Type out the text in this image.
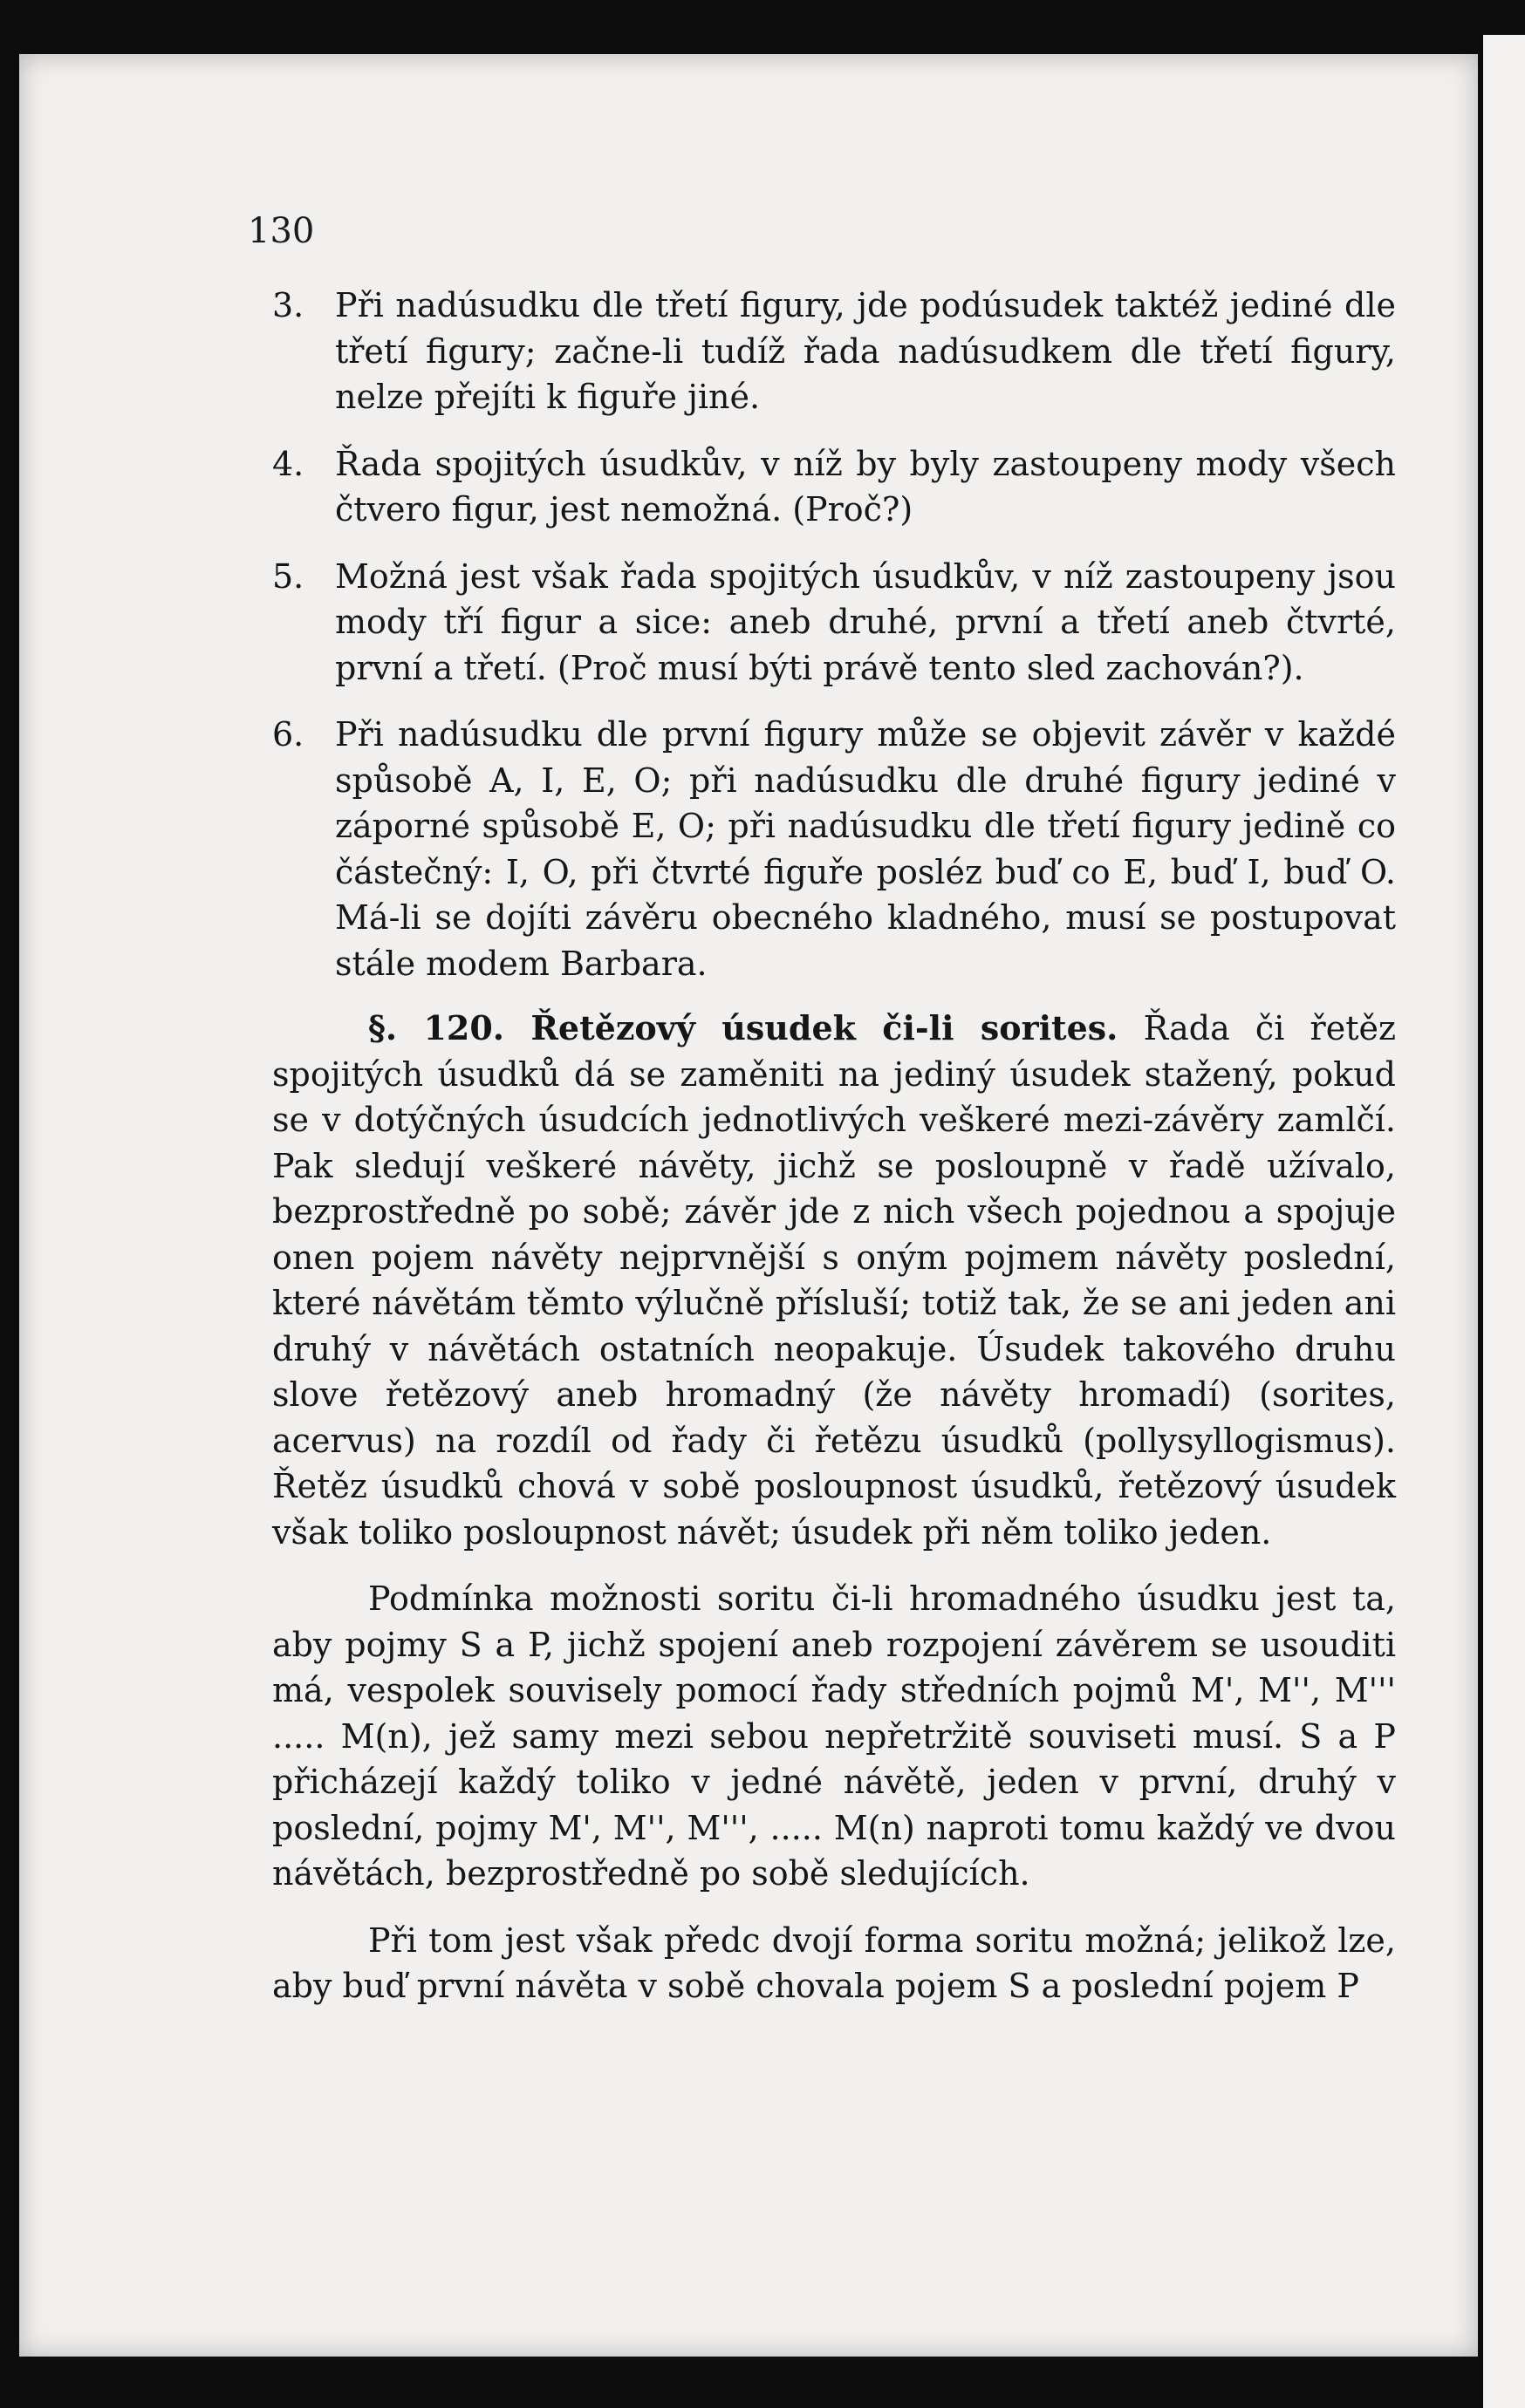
130

3. Při nadúsudku dle třetí figury, jde podúsudek taktéž jediné dle třetí figury; začne-li tudíž řada nadúsudkem dle třetí figury, nelze přejíti k figuře jiné.

4. Řada spojitých úsudkův, v níž by byly zastoupeny mody všech čtvero figur, jest nemožná. (Proč?)

5. Možná jest však řada spojitých úsudkův, v níž zastoupeny jsou mody tří figur a sice: aneb druhé, první a třetí aneb čtvrté, první a třetí. (Proč musí býti právě tento sled zachován?).

6. Při nadúsudku dle první figury může se objevit závěr v každé spůsobě A, I, E, O; při nadúsudku dle druhé figury jediné v záporné spůsobě E, O; při nadúsudku dle třetí figury jedině co částečný: I, O, při čtvrté figuře posléz buď co E, buď I, buď O. Má-li se dojíti závěru obecného kladného, musí se postupovat stále modem Barbara.

§. 120. Řetězový úsudek či-li sorites. Řada či řetěz spojitých úsudků dá se zaměniti na jediný úsudek stažený, pokud se v dotýčných úsudcích jednotlivých veškeré mezi-závěry zamlčí. Pak sledují veškeré návěty, jichž se posloupně v řadě užívalo, bezprostředně po sobě; závěr jde z nich všech pojednou a spojuje onen pojem návěty nejprvnější s oným pojmem návěty poslední, které návětám těmto výlučně přísluší; totiž tak, že se ani jeden ani druhý v návětách ostatních neopakuje. Úsudek takového druhu slove řetězový aneb hromadný (že návěty hromadí) (sorites, acervus) na rozdíl od řady či řetězu úsudků (pollysyllogismus). Řetěz úsudků chová v sobě posloupnost úsudků, řetězový úsudek však toliko posloupnost návět; úsudek při něm toliko jeden.

Podmínka možnosti soritu či-li hromadného úsudku jest ta, aby pojmy S a P, jichž spojení aneb rozpojení závěrem se usouditi má, vespolek souvisely pomocí řady středních pojmů M', M'', M''' ..... M(n), jež samy mezi sebou nepřetržitě souviseti musí. S a P přicházejí každý toliko v jedné návětě, jeden v první, druhý v poslední, pojmy M', M'', M''', ..... M(n) naproti tomu každý ve dvou návětách, bezprostředně po sobě sledujících.

Při tom jest však předc dvojí forma soritu možná; jelikož lze, aby buď první návěta v sobě chovala pojem S a poslední pojem P
